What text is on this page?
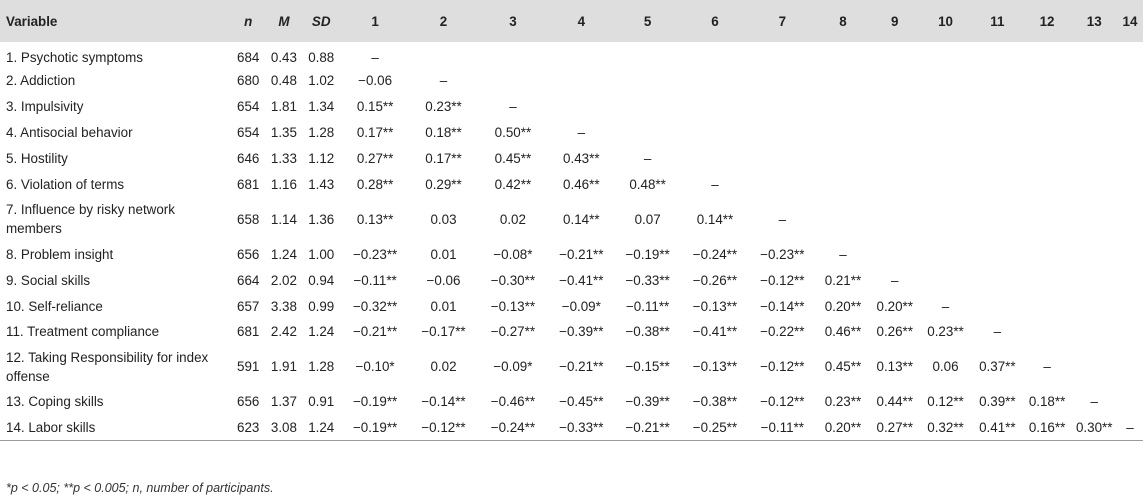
Variable	n	M	SD	1	2	3	4	5	6	7	8	9	10	11	12	13	14
1. Psychotic symptoms	684	0.43	0.88	–													
2. Addiction	680	0.48	1.02	−0.06	–												
3. Impulsivity	654	1.81	1.34	0.15**	0.23**	–											
4. Antisocial behavior	654	1.35	1.28	0.17**	0.18**	0.50**	–										
5. Hostility	646	1.33	1.12	0.27**	0.17**	0.45**	0.43**	–									
6. Violation of terms	681	1.16	1.43	0.28**	0.29**	0.42**	0.46**	0.48**	–								
7. Influence by risky network members	658	1.14	1.36	0.13**	0.03	0.02	0.14**	0.07	0.14**	–							
8. Problem insight	656	1.24	1.00	−0.23**	0.01	−0.08*	−0.21**	−0.19**	−0.24**	−0.23**	–						
9. Social skills	664	2.02	0.94	−0.11**	−0.06	−0.30**	−0.41**	−0.33**	−0.26**	−0.12**	0.21**	–					
10. Self-reliance	657	3.38	0.99	−0.32**	0.01	−0.13**	−0.09*	−0.11**	−0.13**	−0.14**	0.20**	0.20**	–				
11. Treatment compliance	681	2.42	1.24	−0.21**	−0.17**	−0.27**	−0.39**	−0.38**	−0.41**	−0.22**	0.46**	0.26**	0.23**	–			
12. Taking Responsibility for index offense	591	1.91	1.28	−0.10*	0.02	−0.09*	−0.21**	−0.15**	−0.13**	−0.12**	0.45**	0.13**	0.06	0.37**	–		
13. Coping skills	656	1.37	0.91	−0.19**	−0.14**	−0.46**	−0.45**	−0.39**	−0.38**	−0.12**	0.23**	0.44**	0.12**	0.39**	0.18**	–	
14. Labor skills	623	3.08	1.24	−0.19**	−0.12**	−0.24**	−0.33**	−0.21**	−0.25**	−0.11**	0.20**	0.27**	0.32**	0.41**	0.16**	0.30**	–
*p < 0.05; **p < 0.005; n, number of participants.
